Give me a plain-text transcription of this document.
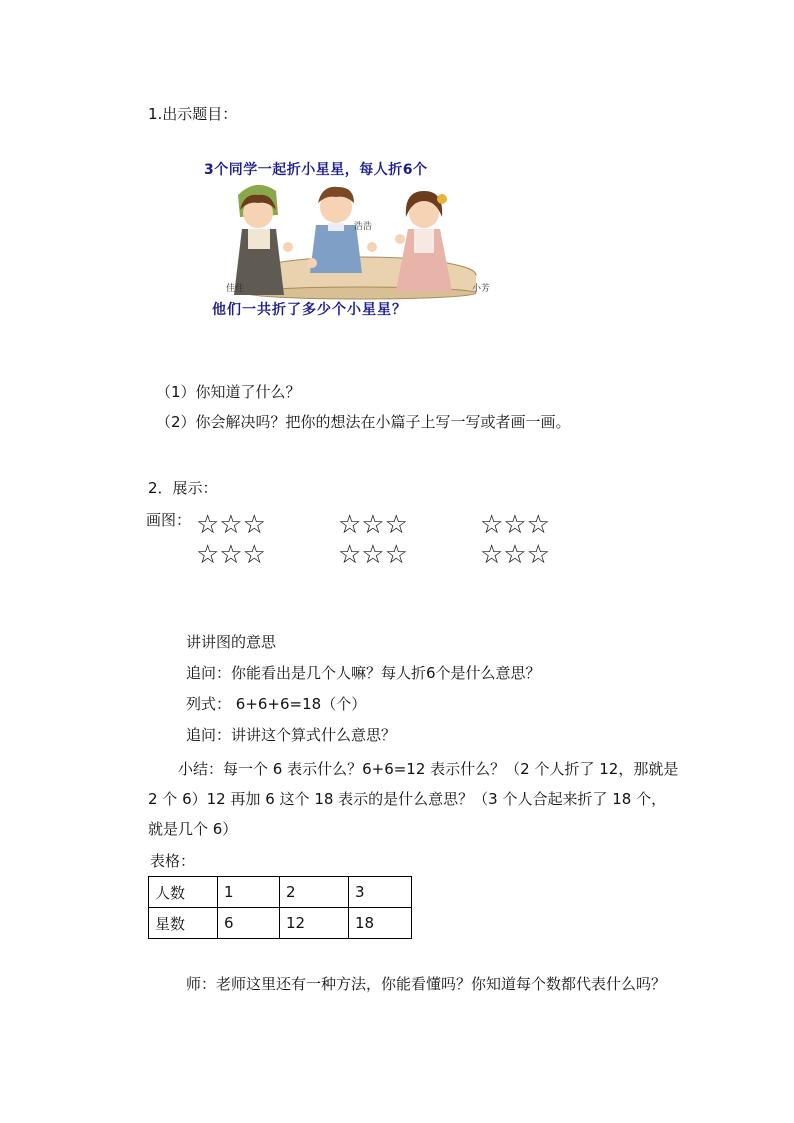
1.出示题目：
3个同学一起折小星星，每人折6个
浩浩
佳佳	小芳
他们一共折了多少个小星星？
（1）你知道了什么？
（2）你会解决吗？把你的想法在小篇子上写一写或者画一画。
2．展示：
画图： ☆☆☆	☆☆☆	☆☆☆
☆☆☆	☆☆☆	☆☆☆
讲讲图的意思
追问：你能看出是几个人嘛？每人折6个是什么意思？
列式： 6+6+6=18（个）
追问：讲讲这个算式什么意思？
小结：每一个 6 表示什么？6+6=12 表示什么？（2 个人折了 12，那就是
2 个 6）12 再加 6 这个 18 表示的是什么意思？（3 个人合起来折了 18 个，
就是几个 6）
表格：
人数	1	2	3
星数	6	12	18
师：老师这里还有一种方法，你能看懂吗？你知道每个数都代表什么吗？
